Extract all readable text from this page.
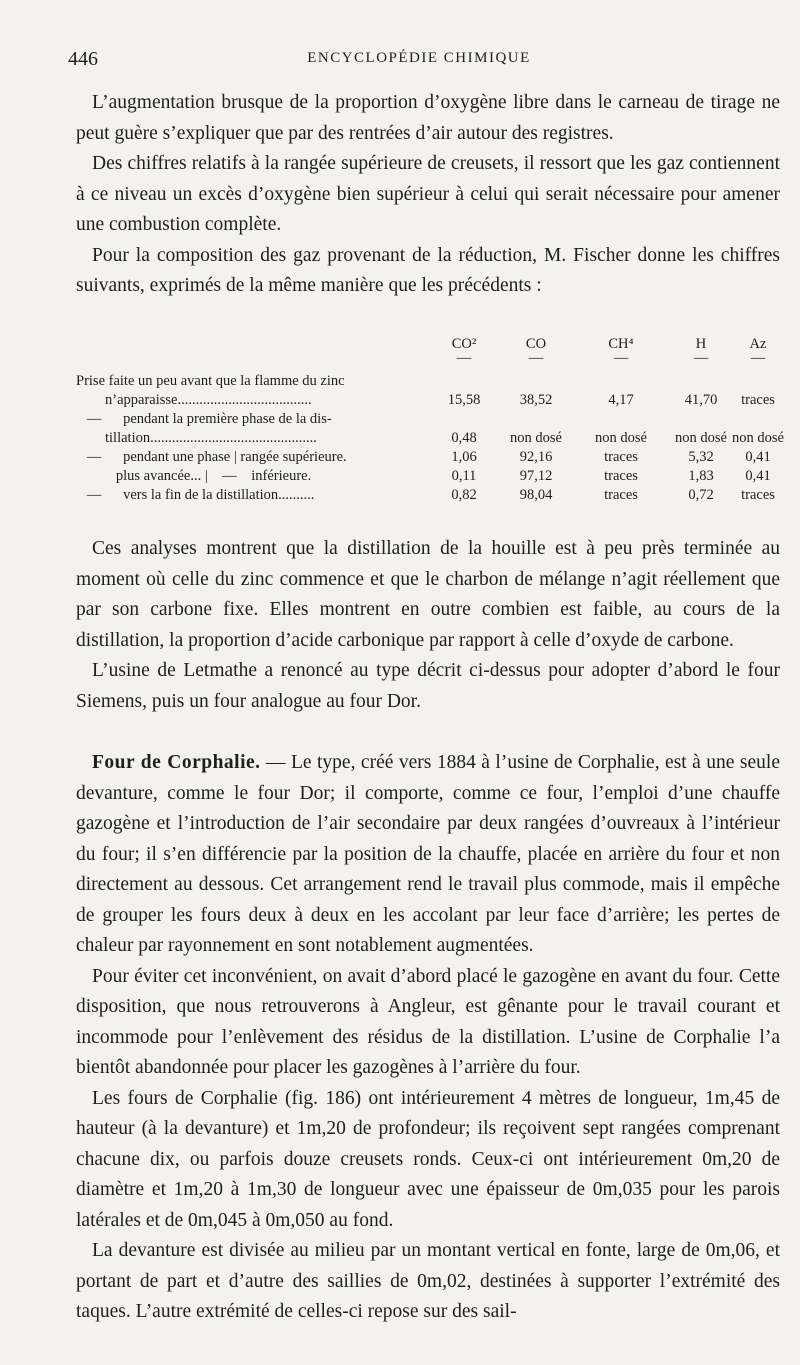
446	ENCYCLOPÉDIE CHIMIQUE

L’augmentation brusque de la proportion d’oxygène libre dans le carneau de tirage ne peut guère s’expliquer que par des rentrées d’air autour des registres.

Des chiffres relatifs à la rangée supérieure de creusets, il ressort que les gaz contiennent à ce niveau un excès d’oxygène bien supérieur à celui qui serait nécessaire pour amener une combustion complète.

Pour la composition des gaz provenant de la réduction, M. Fischer donne les chiffres suivants, exprimés de la même manière que les précédents :

CO²	CO	CH⁴	H	Az
—	—	—	—	—
Prise faite un peu avant que la flamme du zinc
n’apparaisse.....................................	15,58	38,52	4,17	41,70	traces
—      pendant la première phase de la dis-
tillation..............................................	0,48	non dosé	non dosé	non dosé non dosé
—      pendant une phase | rangée supérieure.	1,06	92,16	traces	5,32	0,41
plus avancée... |    —    inférieure.	0,11	97,12	traces	1,83	0,41
—      vers la fin de la distillation..........	0,82	98,04	traces	0,72	traces

Ces analyses montrent que la distillation de la houille est à peu près terminée au moment où celle du zinc commence et que le charbon de mélange n’agit réellement que par son carbone fixe. Elles montrent en outre combien est faible, au cours de la distillation, la proportion d’acide carbonique par rapport à celle d’oxyde de carbone.

L’usine de Letmathe a renoncé au type décrit ci-dessus pour adopter d’abord le four Siemens, puis un four analogue au four Dor.

Four de Corphalie. — Le type, créé vers 1884 à l’usine de Corphalie, est à une seule devanture, comme le four Dor; il comporte, comme ce four, l’emploi d’une chauffe gazogène et l’introduction de l’air secondaire par deux rangées d’ouvreaux à l’intérieur du four; il s’en différencie par la position de la chauffe, placée en arrière du four et non directement au dessous. Cet arrangement rend le travail plus commode, mais il empêche de grouper les fours deux à deux en les accolant par leur face d’arrière; les pertes de chaleur par rayonnement en sont notablement augmentées.

Pour éviter cet inconvénient, on avait d’abord placé le gazogène en avant du four. Cette disposition, que nous retrouverons à Angleur, est gênante pour le travail courant et incommode pour l’enlèvement des résidus de la distillation. L’usine de Corphalie l’a bientôt abandonnée pour placer les gazogènes à l’arrière du four.

Les fours de Corphalie (fig. 186) ont intérieurement 4 mètres de longueur, 1m,45 de hauteur (à la devanture) et 1m,20 de profondeur; ils reçoivent sept rangées comprenant chacune dix, ou parfois douze creusets ronds. Ceux-ci ont intérieurement 0m,20 de diamètre et 1m,20 à 1m,30 de longueur avec une épaisseur de 0m,035 pour les parois latérales et de 0m,045 à 0m,050 au fond.

La devanture est divisée au milieu par un montant vertical en fonte, large de 0m,06, et portant de part et d’autre des saillies de 0m,02, destinées à supporter l’extrémité des taques. L’autre extrémité de celles-ci repose sur des sail-
